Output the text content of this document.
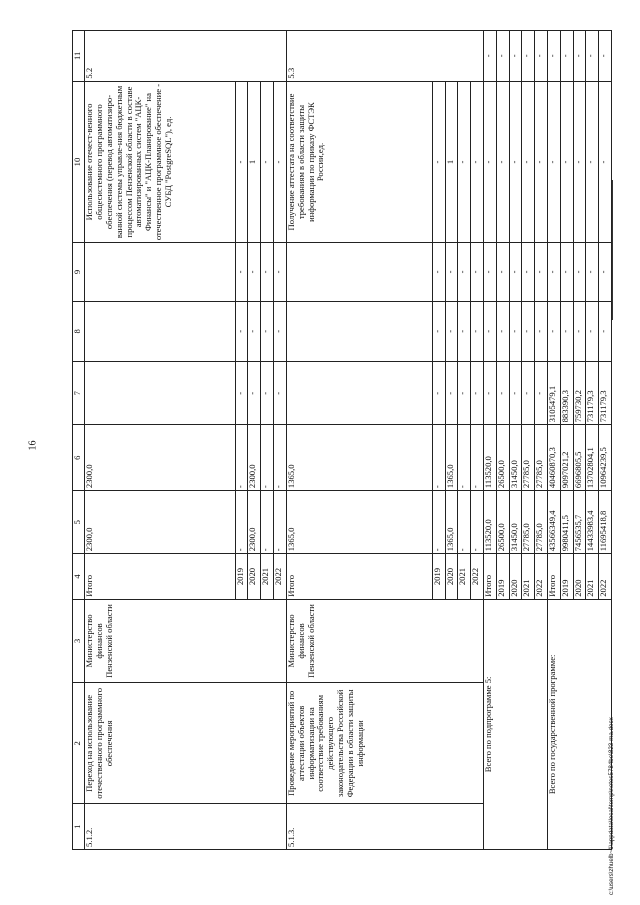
16
1	2	3	4	5	6	7	8	9	10	11
5.1.2.	Переход на использование отечественного программного обеспечения	Министерство финансов Пензенской области	Итого	2300,0	2300,0				Использование отечест-венного общесистемного программного обеспечения (перевод автоматизиро-ванной системы управле-ния бюджетным процессом Пензенской области в составе автоматизированных систем "АЦК-Финансы" и "АЦК-Планирование" на отечественное программное обеспечение - СУБД "PostgreSQL"), ед.	5.2
			2019	-	-	-	-	-	-	
			2020	2300,0	2300,0	-	-	-	1	
			2021	-	-	-	-	-	-	
			2022	-	-	-	-	-	-	
5.1.3.	Проведение мероприятий по аттестации объектов информатизации на соответствие требованиям действующего законодательства Российской Федерации в области защиты информации	Министерство финансов Пензенской области	Итого	1365,0	1365,0				Получение аттестата на соответствие требованиям в области защиты информации по приказу ФСТЭК России,ед.	5.3
			2019	-	-	-	-	-	-	
			2020	1365,0	1365,0	-	-	-	1	
			2021	-	-	-	-	-	-	
			2022	-	-	-	-	-	-	
Всего по подпрограмме 5:			Итого	113520,0	113520,0	-	-	-	-	-
			2019	26500,0	26500,0	-	-	-	-	-
			2020	31450,0	31450,0	-	-	-	-	-
			2021	27785,0	27785,0	-	-	-	-	-
			2022	27785,0	27785,0	-	-	-	-	-
Всего по государственной программе:			Итого	43566349,4	40460870,3	3105479,1	-	-	-	-
			2019	9980411,5	9097021,2	883390,3	-	-	-	-
			2020	7456535,7	6696805,5	759730,2	-	-	-	-
			2021	14433983,4	13702804,1	731179,3	-	-	-	-
			2022	11695418,8	10964239,5	731179,3	-	-	-	-
c:\users\zhuelb~1\appdata\local\temp\notes5784be\823-ma.docx
